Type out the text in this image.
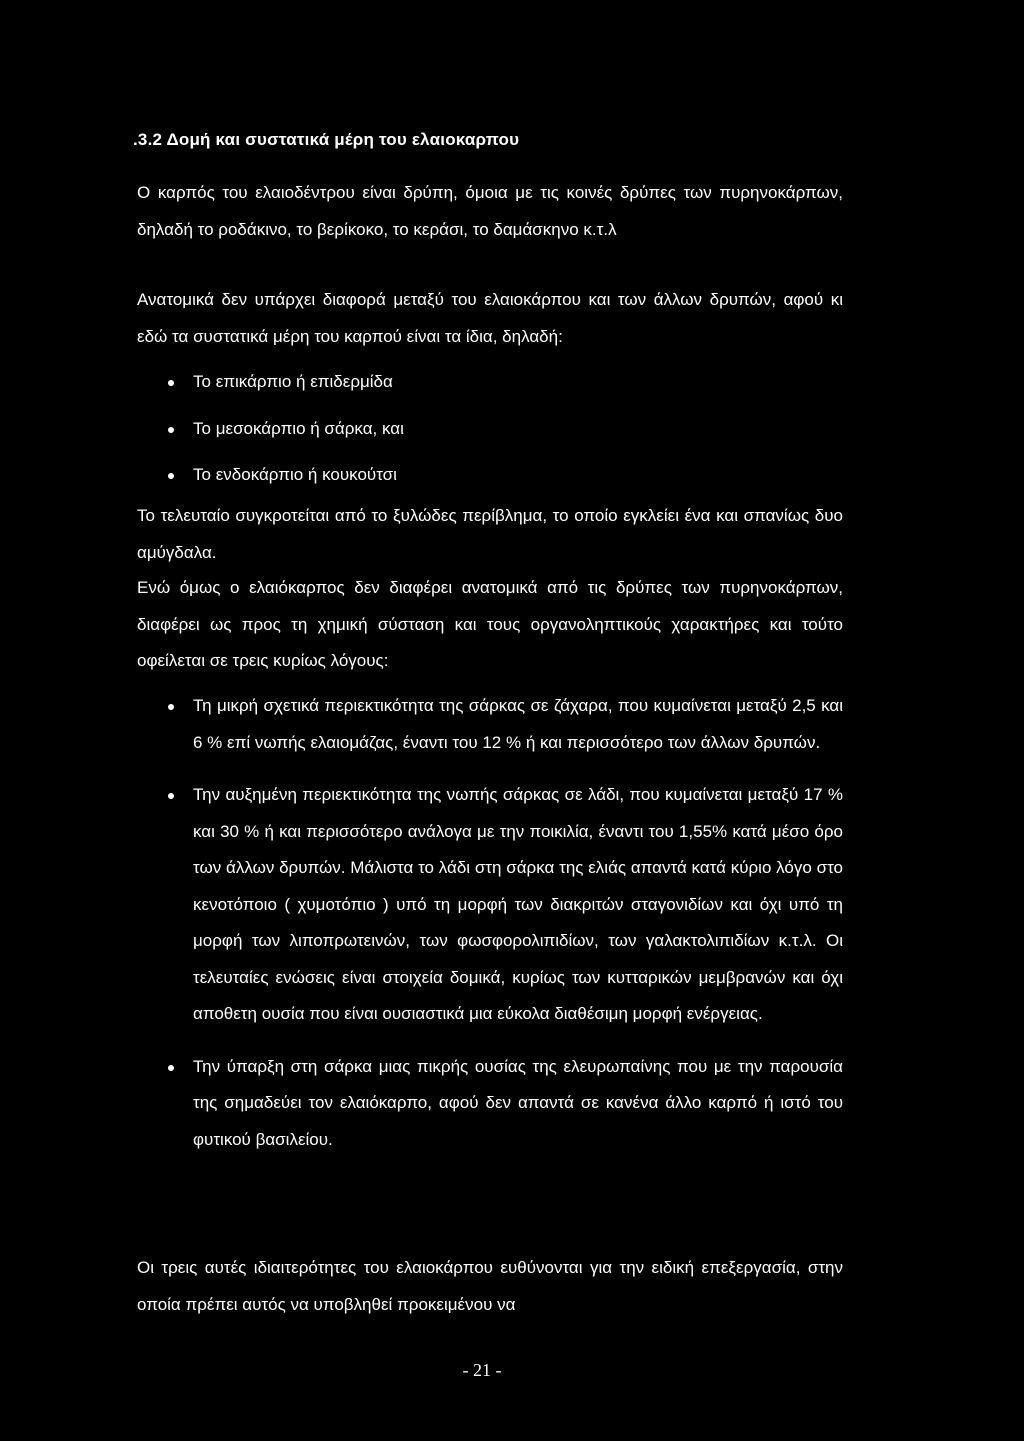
.3.2 Δομή και συστατικά μέρη του ελαιοκαρπου
Ο καρπός του ελαιοδέντρου είναι δρύπη, όμοια με τις κοινές δρύπες των πυρηνοκάρπων, δηλαδή το ροδάκινο, το βερίκοκο, το κεράσι, το δαμάσκηνο κ.τ.λ
Ανατομικά δεν υπάρχει διαφορά μεταξύ του ελαιοκάρπου και των άλλων δρυπών, αφού κι εδώ τα συστατικά μέρη του καρπού είναι τα ίδια, δηλαδή:
Το επικάρπιο ή επιδερμίδα
Το μεσοκάρπιο ή σάρκα, και
Το ενδοκάρπιο ή κουκούτσι
Το τελευταίο συγκροτείται από το ξυλώδες περίβλημα, το οποίο εγκλείει ένα και σπανίως δυο αμύγδαλα.
Ενώ όμως ο ελαιόκαρπος δεν διαφέρει ανατομικά από τις δρύπες των πυρηνοκάρπων, διαφέρει ως προς τη χημική σύσταση και τους οργανοληπτικούς χαρακτήρες και τούτο οφείλεται σε τρεις κυρίως λόγους:
Τη μικρή σχετικά περιεκτικότητα της σάρκας σε ζάχαρα, που κυμαίνεται μεταξύ 2,5 και 6 % επί νωπής ελαιομάζας, έναντι του 12 % ή και περισσότερο των άλλων δρυπών.
Την αυξημένη περιεκτικότητα της νωπής σάρκας σε λάδι, που κυμαίνεται μεταξύ 17 % και 30 % ή και περισσότερο ανάλογα με την ποικιλία, έναντι του 1,55% κατά μέσο όρο των άλλων δρυπών. Μάλιστα το λάδι στη σάρκα της ελιάς απαντά κατά κύριο λόγο στο κενοτόποιο ( χυμοτόπιο ) υπό τη μορφή των διακριτών σταγονιδίων και όχι υπό τη μορφή των λιποπρωτεινών, των φωσφορολιπιδίων, των γαλακτολιπιδίων κ.τ.λ. Οι τελευταίες ενώσεις είναι στοιχεία δομικά, κυρίως των κυτταρικών μεμβρανών και όχι αποθετη ουσία που είναι ουσιαστικά μια εύκολα διαθέσιμη μορφή ενέργειας.
Την ύπαρξη στη σάρκα μιας πικρής ουσίας της ελευρωπαίνης που με την παρουσία της σημαδεύει τον ελαιόκαρπο, αφού δεν απαντά σε κανένα άλλο καρπό ή ιστό του φυτικού βασιλείου.
Οι τρεις αυτές ιδιαιτερότητες του ελαιοκάρπου ευθύνονται για την ειδική επεξεργασία, στην οποία πρέπει αυτός να υποβληθεί προκειμένου να
- 21 -
